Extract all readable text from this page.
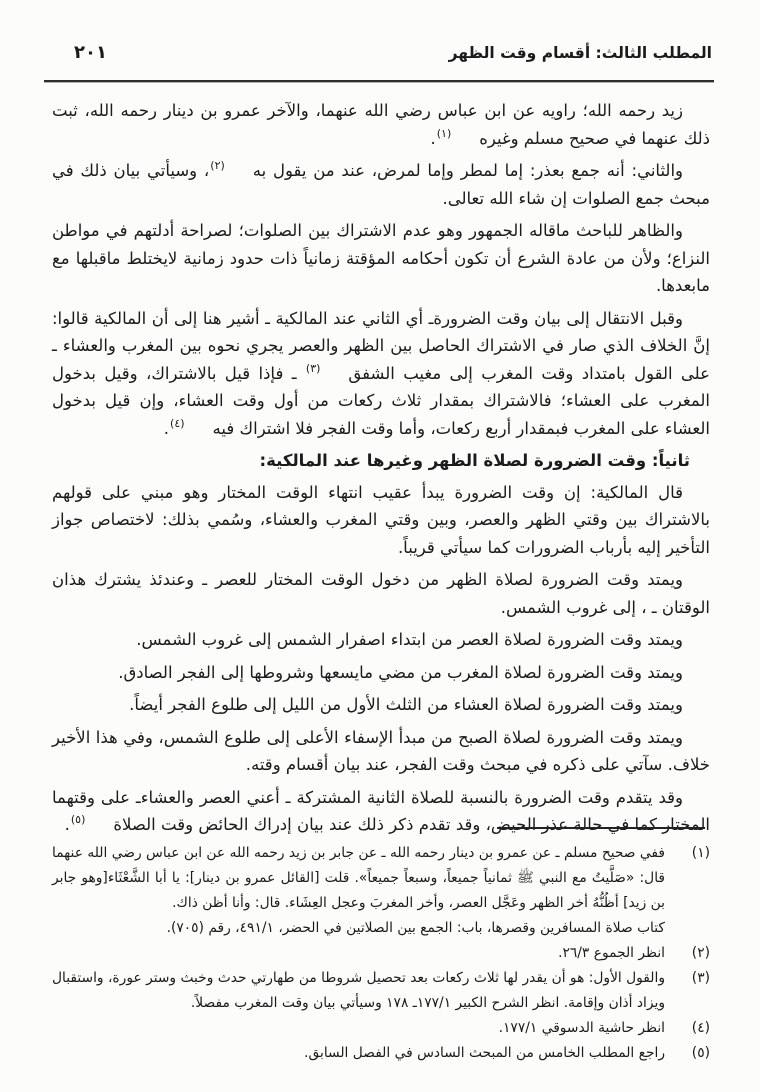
المطلب الثالث: أقسام وقت الظهر
٢٠١

زيد رحمه الله؛ راويه عن ابن عباس رضي الله عنهما، والآخر عمرو بن دينار رحمه الله، ثبت ذلك عنهما في صحيح مسلم وغيره(١).

والثاني: أنه جمع بعذر: إما لمطر وإما لمرض، عند من يقول به(٢)، وسيأتي بيان ذلك في مبحث جمع الصلوات إن شاء الله تعالى.

والظاهر للباحث ماقاله الجمهور وهو عدم الاشتراك بين الصلوات؛ لصراحة أدلتهم في مواطن النزاع؛ ولأن من عادة الشرع أن تكون أحكامه المؤقتة زمانياً ذات حدود زمانية لايختلط ماقبلها مع مابعدها.

وقبل الانتقال إلى بيان وقت الضرورةـ أي الثاني عند المالكية ـ أشير هنا إلى أن المالكية قالوا: إنَّ الخلاف الذي صار في الاشتراك الحاصل بين الظهر والعصر يجري نحوه بين المغرب والعشاء ـ على القول بامتداد وقت المغرب إلى مغيب الشفق(٣) ـ فإذا قيل بالاشتراك، وقيل بدخول المغرب على العشاء؛ فالاشتراك بمقدار ثلاث ركعات من أول وقت العشاء، وإن قيل بدخول العشاء على المغرب فبمقدار أربع ركعات، وأما وقت الفجر فلا اشتراك فيه(٤).

ثانياً: وقت الضرورة لصلاة الظهر وغيرها عند المالكية:

قال المالكية: إن وقت الضرورة يبدأ عقيب انتهاء الوقت المختار وهو مبني على قولهم بالاشتراك بين وقتي الظهر والعصر، وبين وقتي المغرب والعشاء، وسُمي بذلك: لاختصاص جواز التأخير إليه بأرباب الضرورات كما سيأتي قريباً.

ويمتد وقت الضرورة لصلاة الظهر من دخول الوقت المختار للعصر ـ وعندئذ يشترك هذان الوقتان ـ ، إلى غروب الشمس.

ويمتد وقت الضرورة لصلاة العصر من ابتداء اصفرار الشمس إلى غروب الشمس.

ويمتد وقت الضرورة لصلاة المغرب من مضي مايسعها وشروطها إلى الفجر الصادق.

ويمتد وقت الضرورة لصلاة العشاء من الثلث الأول من الليل إلى طلوع الفجر أيضاً.

ويمتد وقت الضرورة لصلاة الصبح من مبدأ الإسفاء الأعلى إلى طلوع الشمس، وفي هذا الأخير خلاف. سآتي على ذكره في مبحث وقت الفجر، عند بيان أقسام وقته.

وقد يتقدم وقت الضرورة بالنسبة للصلاة الثانية المشتركة ـ أعني العصر والعشاءـ على وقتهما المختار كما في حالة عذر الحيض، وقد تقدم ذكر ذلك عند بيان إدراك الحائض وقت الصلاة(٥).

(١)
ففي صحيح مسلم ـ عن عمرو بن دينار رحمه الله ـ عن جابر بن زيد رحمه الله عن ابن عباس رضي الله عنهما قال: «صَلَّيتُ مع النبي ﷺ ثمانياً جميعاً، وسبعاً جميعاً». قلت [القائل عمرو بن دينار]: يا أبا الشَّعْثَاء[وهو جابر بن زيد] أظُنُّهُ أخر الظهر وعَجَّل العصر، وأخر المغربَ وعجل العِشَاء. قال: وأنا أظن ذاك.
كتاب صلاة المسافرين وقصرها، باب: الجمع بين الصلاتين في الحضر، ٤٩١/١، رقم (٧٠٥).
(٢)
انظر الجموع ٢٦/٣.
(٣)
والقول الأول: هو أن يقدر لها ثلاث ركعات بعد تحصيل شروطا من طهارتي حدث وخبث وستر عورة، واستقبال ويزاد أذان وإقامة. انظر الشرح الكبير ١٧٧/١ـ ١٧٨ وسيأتي بيان وقت المغرب مفصلاً.
(٤)
انظر حاشية الدسوقي ١٧٧/١.
(٥)
راجع المطلب الخامس من المبحث السادس في الفصل السابق.
